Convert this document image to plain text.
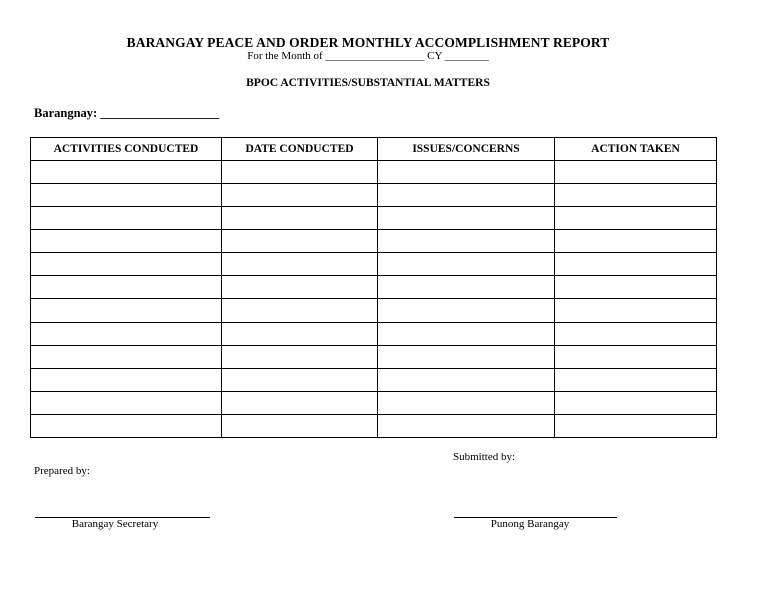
BARANGAY PEACE AND ORDER MONTHLY ACCOMPLISHMENT REPORT
For the Month of __________________ CY ________
BPOC ACTIVITIES/SUBSTANTIAL MATTERS
Barangnay: ___________________
ACTIVITIES CONDUCTED	DATE CONDUCTED	ISSUES/CONCERNS	ACTION TAKEN

Prepared by:
Submitted by:
Barangay Secretary	Punong Barangay
